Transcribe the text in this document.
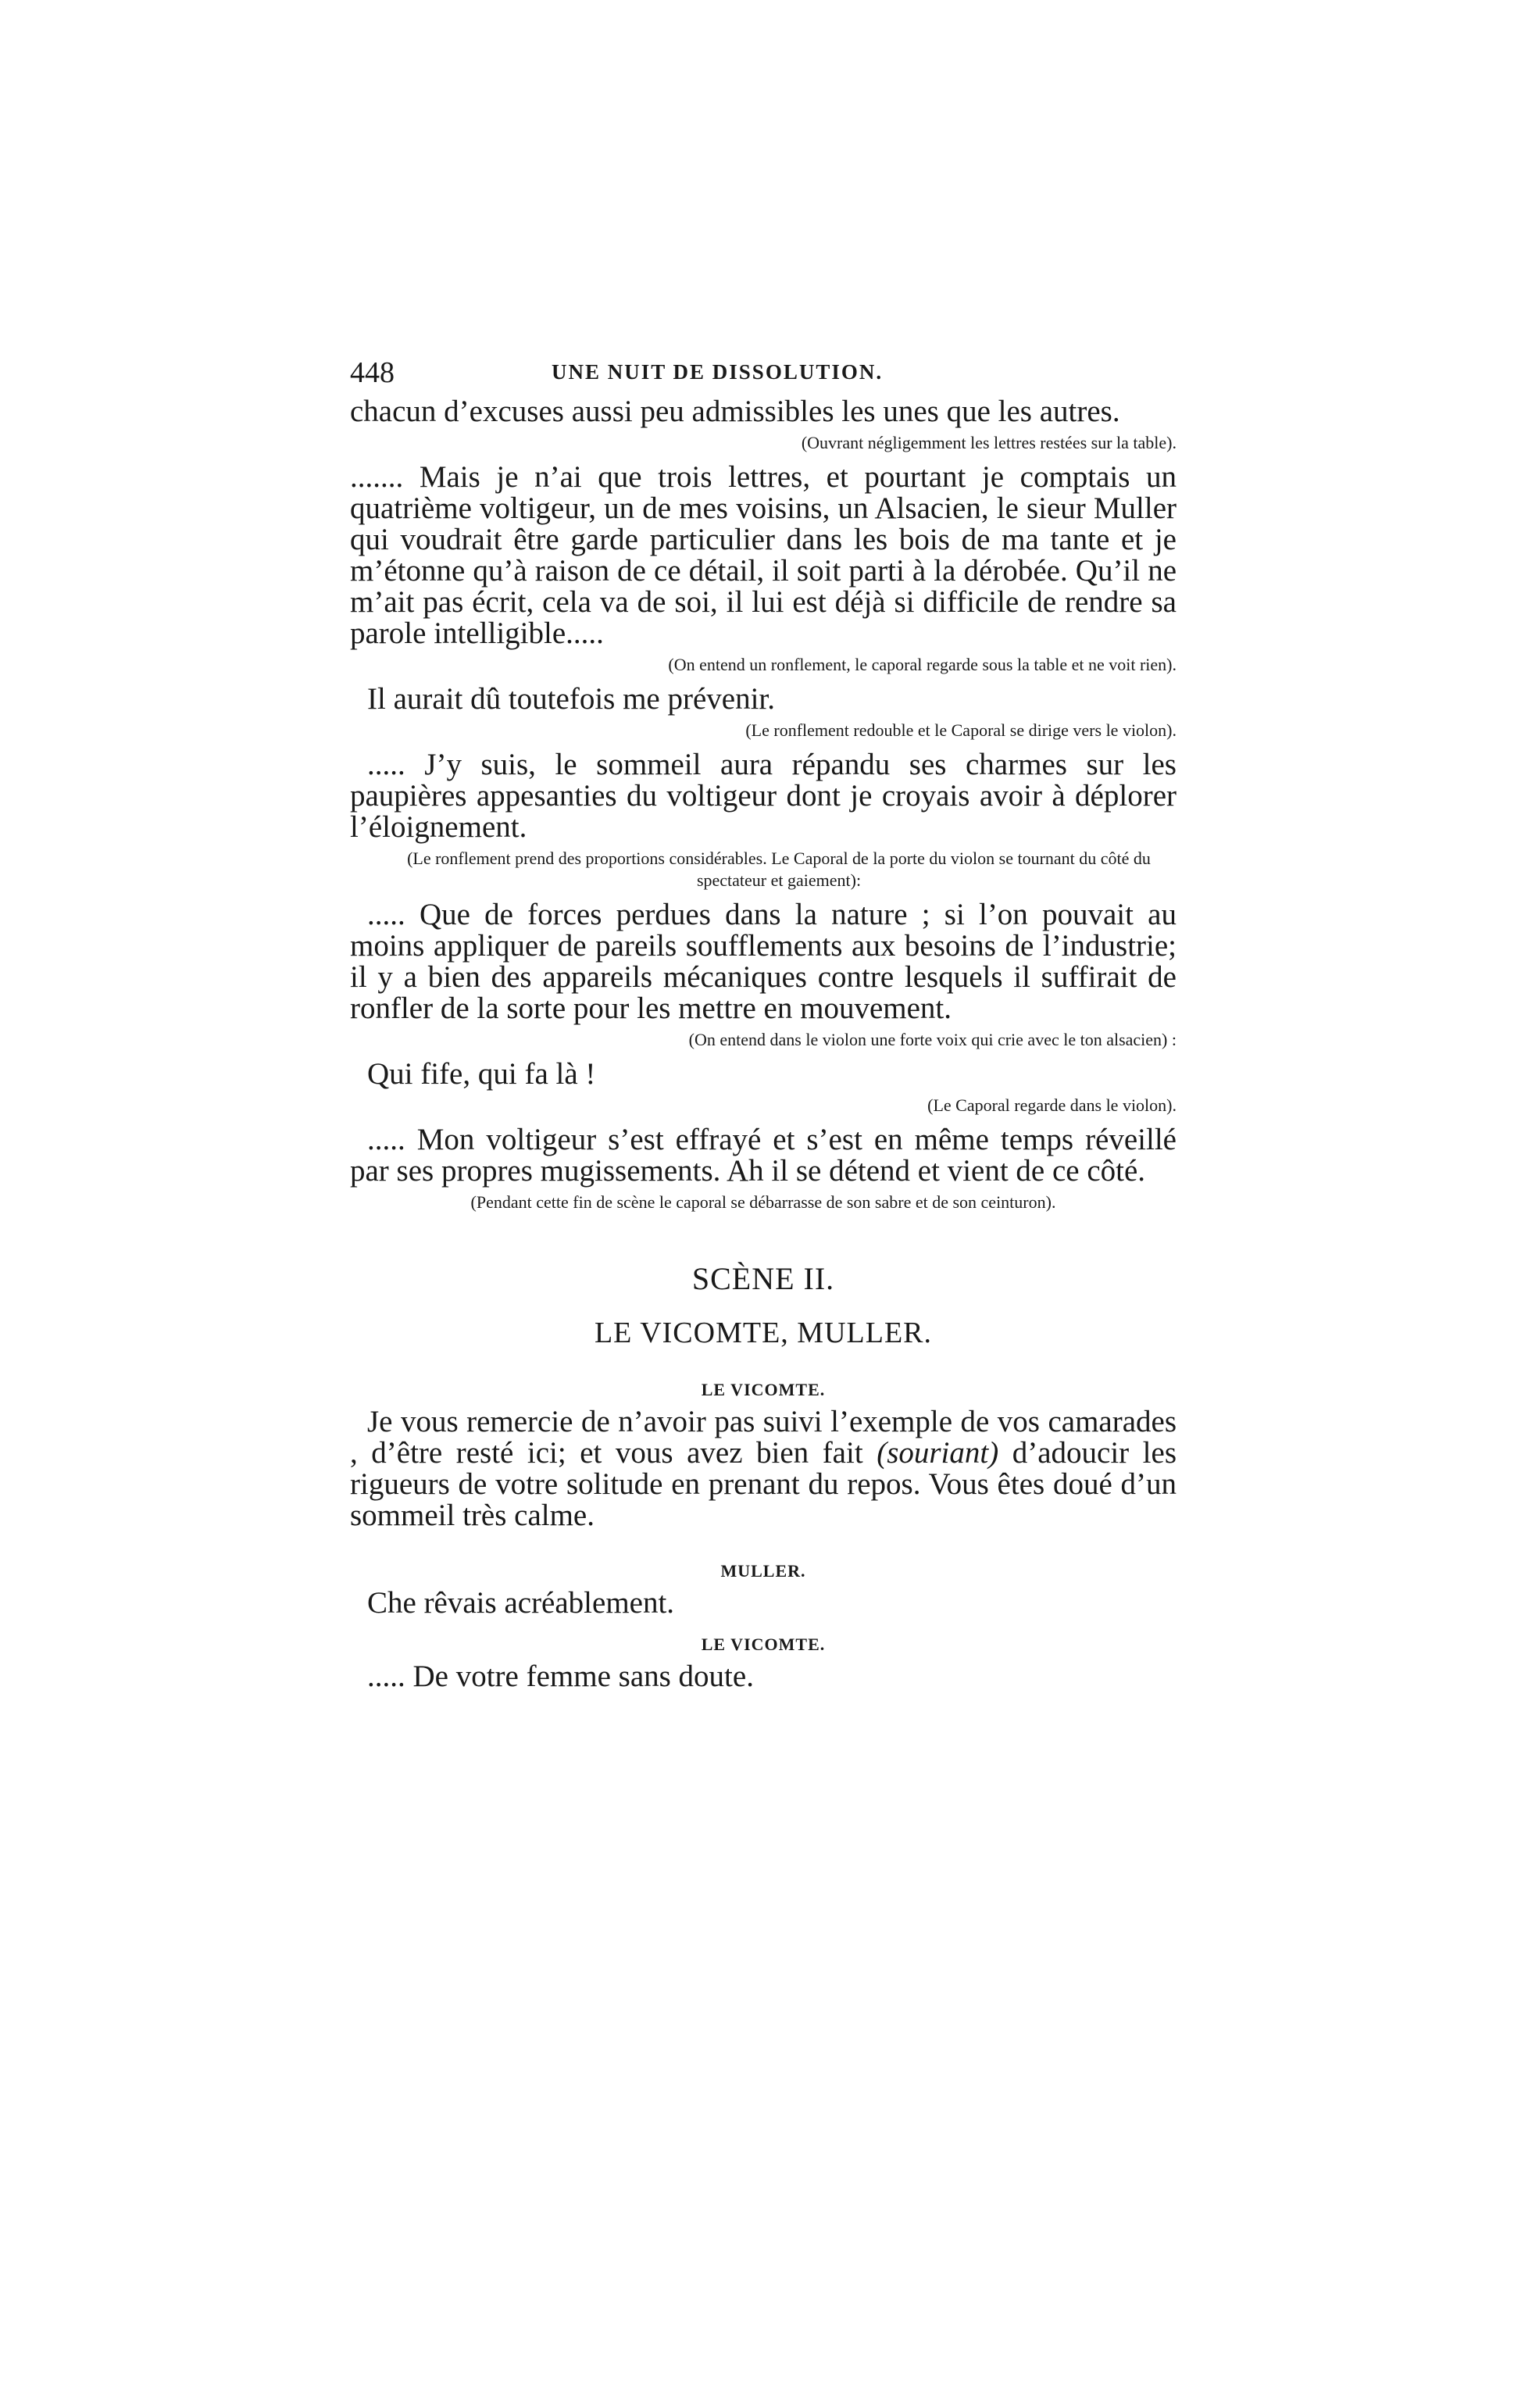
448	UNE NUIT DE DISSOLUTION.

chacun d’excuses aussi peu admissibles les unes que les autres.

(Ouvrant négligemment les lettres restées sur la table).

....... Mais je n’ai que trois lettres, et pourtant je comptais un quatrième voltigeur, un de mes voisins, un Alsacien, le sieur Muller qui voudrait être garde particulier dans les bois de ma tante et je m’étonne qu’à raison de ce détail, il soit parti à la dérobée. Qu’il ne m’ait pas écrit, cela va de soi, il lui est déjà si difficile de rendre sa parole intelligible.....

(On entend un ronflement, le caporal regarde sous la table et ne voit rien).

Il aurait dû toutefois me prévenir.

(Le ronflement redouble et le Caporal se dirige vers le violon).

..... J’y suis, le sommeil aura répandu ses charmes sur les paupières appesanties du voltigeur dont je croyais avoir à déplorer l’éloignement.

(Le ronflement prend des proportions considérables. Le Caporal de la porte du violon se tournant du côté du spectateur et gaiement):

..... Que de forces perdues dans la nature ; si l’on pouvait au moins appliquer de pareils soufflements aux besoins de l’industrie; il y a bien des appareils mécaniques contre lesquels il suffirait de ronfler de la sorte pour les mettre en mouvement.

(On entend dans le violon une forte voix qui crie avec le ton alsacien) :

Qui fife, qui fa là !

(Le Caporal regarde dans le violon).

..... Mon voltigeur s’est effrayé et s’est en même temps réveillé par ses propres mugissements. Ah il se détend et vient de ce côté.

(Pendant cette fin de scène le caporal se débarrasse de son sabre et de son ceinturon).
SCÈNE II.
LE VICOMTE, MULLER.
LE VICOMTE.

Je vous remercie de n’avoir pas suivi l’exemple de vos camarades , d’être resté ici; et vous avez bien fait (souriant) d’adoucir les rigueurs de votre solitude en prenant du repos. Vous êtes doué d’un sommeil très calme.

MULLER.

Che rêvais acréablement.

LE VICOMTE.

..... De votre femme sans doute.
